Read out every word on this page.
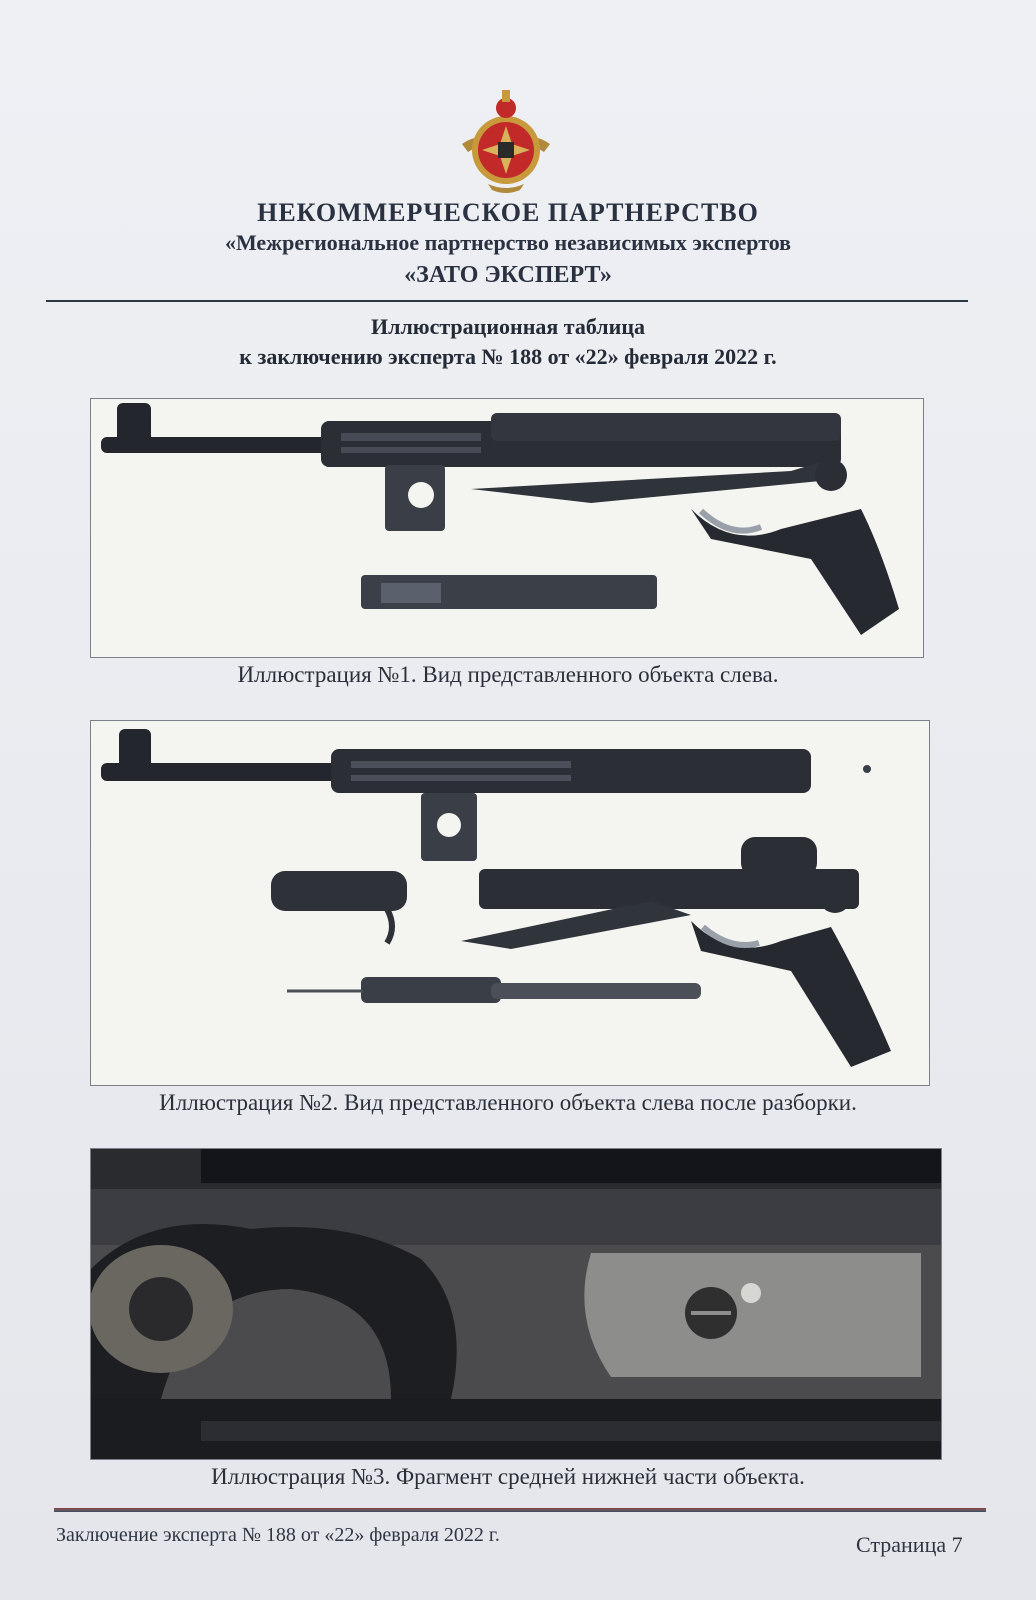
НЕКОММЕРЧЕСКОЕ ПАРТНЕРСТВО

«Межрегиональное партнерство независимых экспертов

«ЗАТО ЭКСПЕРТ»

Иллюстрационная таблица

к заключению эксперта № 188 от «22» февраля 2022 г.

Иллюстрация №1. Вид представленного объекта слева.

Иллюстрация №2. Вид представленного объекта слева после разборки.

Иллюстрация №3. Фрагмент средней нижней части объекта.

Заключение эксперта № 188 от «22» февраля 2022 г.	Страница 7
